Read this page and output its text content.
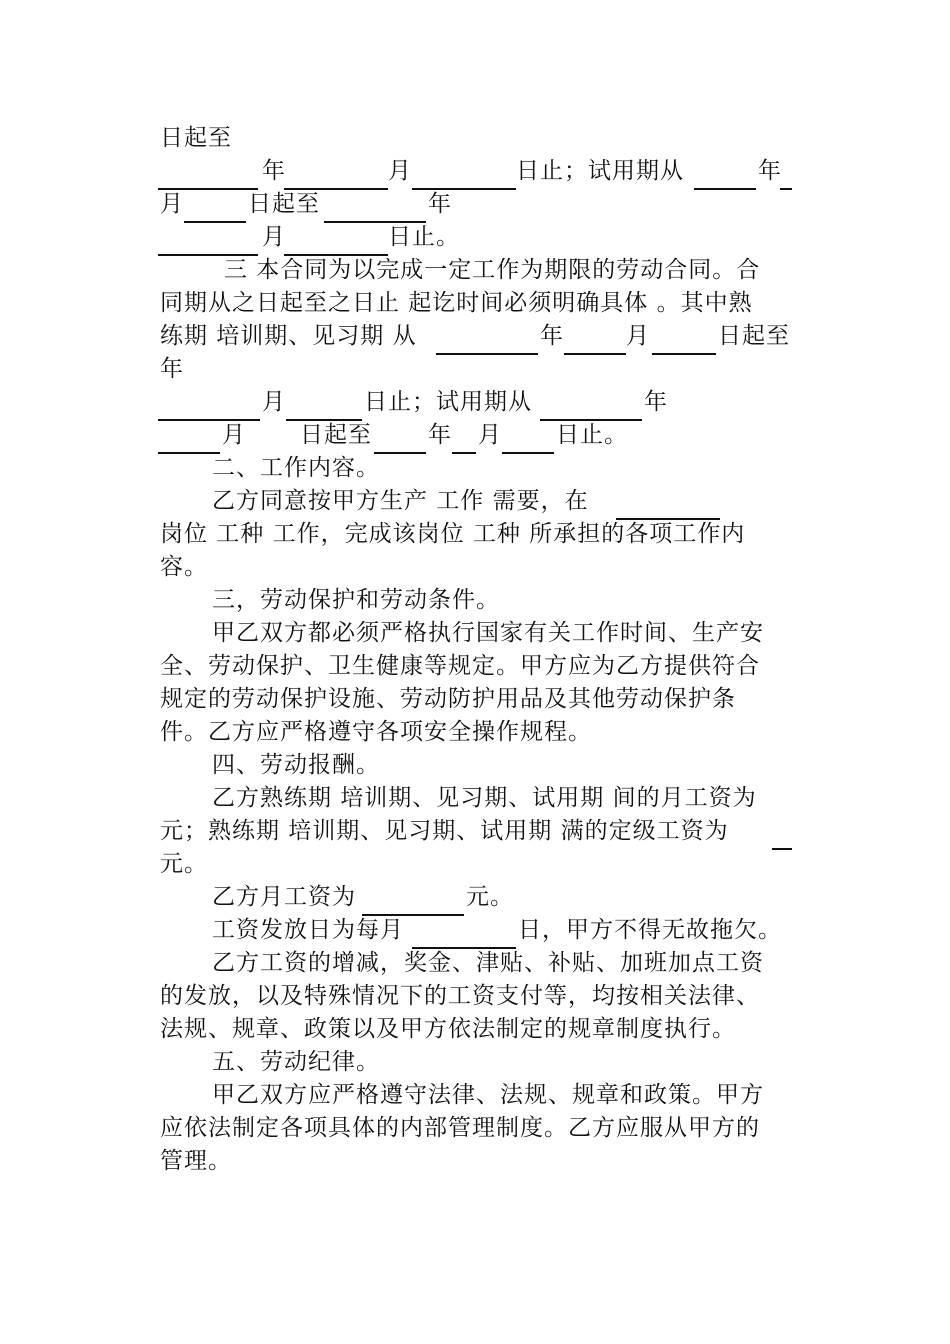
日起至
年	月	日止；试用期从	年
月	日起至	年
月	日止。
三 本合同为以完成一定工作为期限的劳动合同。合
同期从之日起至之日止 起讫时间必须明确具体 。其中熟
练期 培训期、见习期 从	年	月	日起至
年
月	日止；试用期从	年
月 日起至 年 月 日止。
二、工作内容。
乙方同意按甲方生产 工作 需要，在
岗位 工种 工作，完成该岗位 工种 所承担的各项工作内
容。
三，劳动保护和劳动条件。
甲乙双方都必须严格执行国家有关工作时间、生产安
全、劳动保护、卫生健康等规定。甲方应为乙方提供符合
规定的劳动保护设施、劳动防护用品及其他劳动保护条
件。乙方应严格遵守各项安全操作规程。
四、劳动报酬。
乙方熟练期 培训期、见习期、试用期 间的月工资为
元；熟练期 培训期、见习期、试用期 满的定级工资为
元。
乙方月工资为	元。
工资发放日为每月	日，甲方不得无故拖欠。
乙方工资的增减，奖金、津贴、补贴、加班加点工资
的发放，以及特殊情况下的工资支付等，均按相关法律、
法规、规章、政策以及甲方依法制定的规章制度执行。
五、劳动纪律。
甲乙双方应严格遵守法律、法规、规章和政策。甲方
应依法制定各项具体的内部管理制度。乙方应服从甲方的
管理。
